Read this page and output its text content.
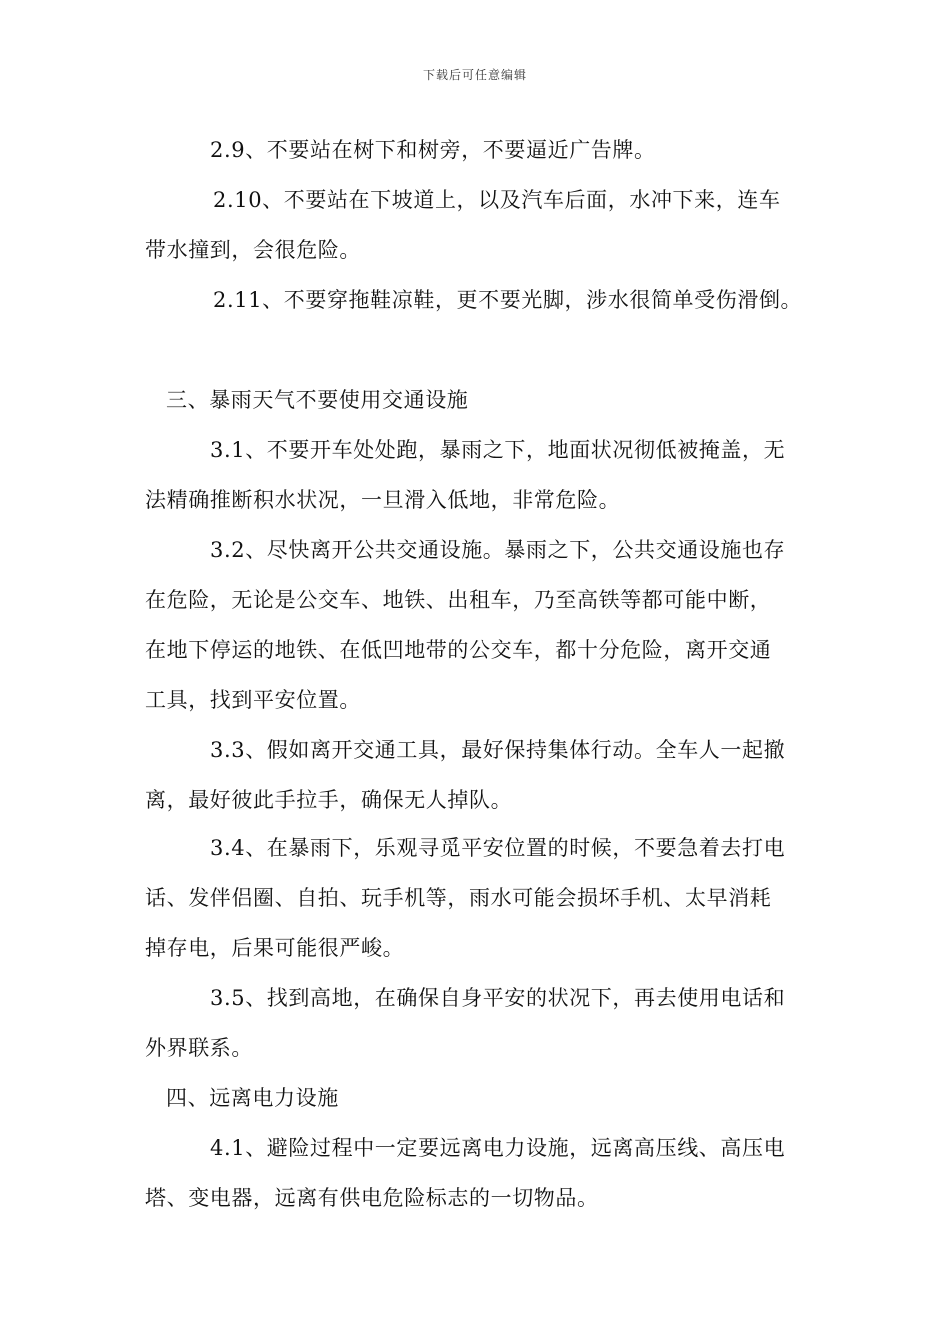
下载后可任意编辑
2.9、不要站在树下和树旁，不要逼近广告牌。
2.10、不要站在下坡道上，以及汽车后面，水冲下来，连车
带水撞到，会很危险。
2.11、不要穿拖鞋凉鞋，更不要光脚，涉水很简单受伤滑倒。
三、暴雨天气不要使用交通设施
3.1、不要开车处处跑，暴雨之下，地面状况彻低被掩盖，无
法精确推断积水状况，一旦滑入低地，非常危险。
3.2、尽快离开公共交通设施。暴雨之下，公共交通设施也存
在危险，无论是公交车、地铁、出租车，乃至高铁等都可能中断，
在地下停运的地铁、在低凹地带的公交车，都十分危险，离开交通
工具，找到平安位置。
3.3、假如离开交通工具，最好保持集体行动。全车人一起撤
离，最好彼此手拉手，确保无人掉队。
3.4、在暴雨下，乐观寻觅平安位置的时候，不要急着去打电
话、发伴侣圈、自拍、玩手机等，雨水可能会损坏手机、太早消耗
掉存电，后果可能很严峻。
3.5、找到高地，在确保自身平安的状况下，再去使用电话和
外界联系。
四、远离电力设施
4.1、避险过程中一定要远离电力设施，远离高压线、高压电
塔、变电器，远离有供电危险标志的一切物品。
